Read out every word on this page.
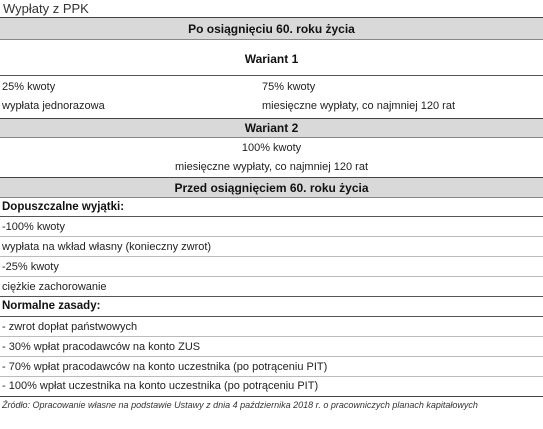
Wypłaty z PPK
Po osiągnięciu 60. roku życia
Wariant 1
25% kwoty	75% kwoty
wypłata jednorazowa	miesięczne wypłaty, co najmniej 120 rat
Wariant 2
100% kwoty
miesięczne wypłaty, co najmniej 120 rat
Przed osiągnięciem 60. roku życia
Dopuszczalne wyjątki:
-100% kwoty
wypłata na wkład własny (konieczny zwrot)
-25% kwoty
ciężkie zachorowanie
Normalne zasady:
- zwrot dopłat państwowych
- 30% wpłat pracodawców na konto ZUS
- 70% wpłat pracodawców na konto uczestnika (po potrąceniu PIT)
- 100% wpłat uczestnika na konto uczestnika (po potrąceniu PIT)
Źródło: Opracowanie własne na podstawie Ustawy z dnia 4 października 2018 r. o pracowniczych planach kapitałowych
